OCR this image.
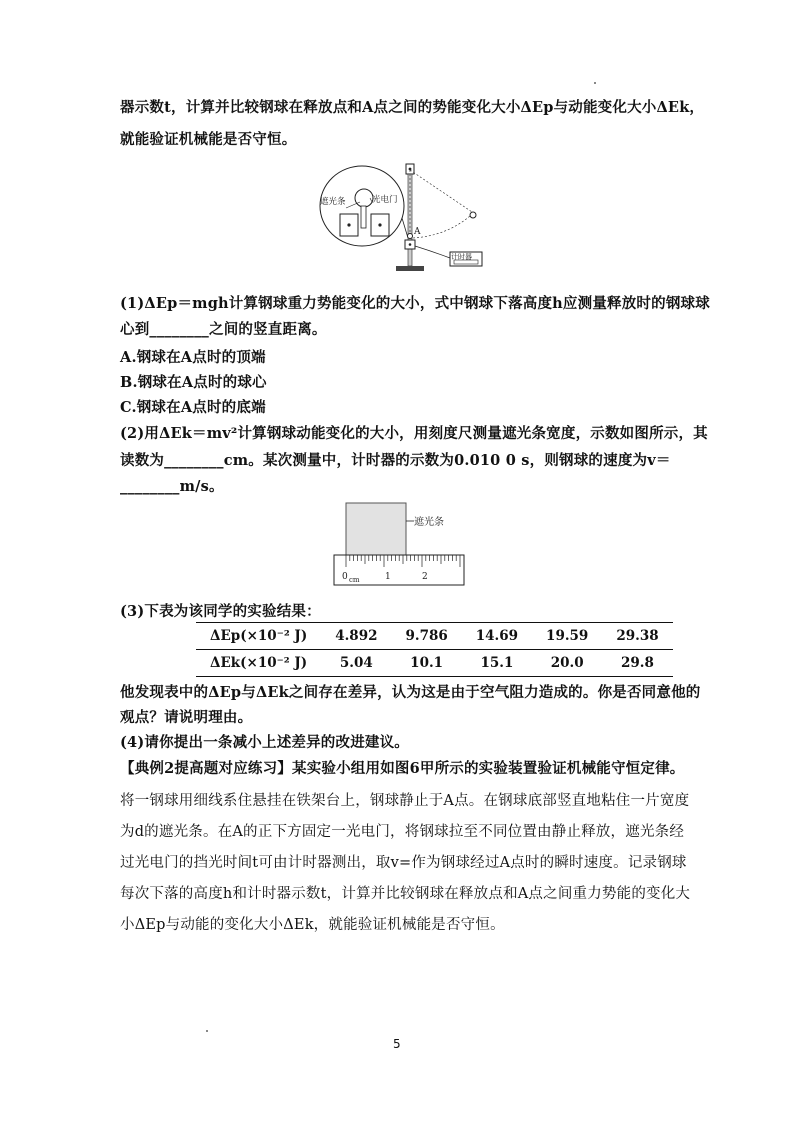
器示数t，计算并比较钢球在释放点和A点之间的势能变化大小ΔEp与动能变化大小ΔEk，
就能验证机械能是否守恒。
遮光条	光电门
A
计时器
(1)ΔEp＝mgh计算钢球重力势能变化的大小，式中钢球下落高度h应测量释放时的钢球球
心到________之间的竖直距离。
A.钢球在A点时的顶端
B.钢球在A点时的球心
C.钢球在A点时的底端
(2)用ΔEk＝mv²计算钢球动能变化的大小，用刻度尺测量遮光条宽度，示数如图所示，其
读数为________cm。某次测量中，计时器的示数为0.010 0 s，则钢球的速度为v＝
________m/s。
遮光条
0 cm	1	2
(3)下表为该同学的实验结果：
ΔEp(×10⁻² J)	4.892	9.786	14.69	19.59	29.38
ΔEk(×10⁻² J)	5.04	10.1	15.1	20.0	29.8
他发现表中的ΔEp与ΔEk之间存在差异，认为这是由于空气阻力造成的。你是否同意他的
观点？请说明理由。
(4)请你提出一条减小上述差异的改进建议。
【典例2提高题对应练习】某实验小组用如图6甲所示的实验装置验证机械能守恒定律。
将一钢球用细线系住悬挂在铁架台上，钢球静止于A点。在钢球底部竖直地粘住一片宽度
为d的遮光条。在A的正下方固定一光电门，将钢球拉至不同位置由静止释放，遮光条经
过光电门的挡光时间t可由计时器测出，取v=作为钢球经过A点时的瞬时速度。记录钢球
每次下落的高度h和计时器示数t，计算并比较钢球在释放点和A点之间重力势能的变化大
小ΔEp与动能的变化大小ΔEk，就能验证机械能是否守恒。
5
